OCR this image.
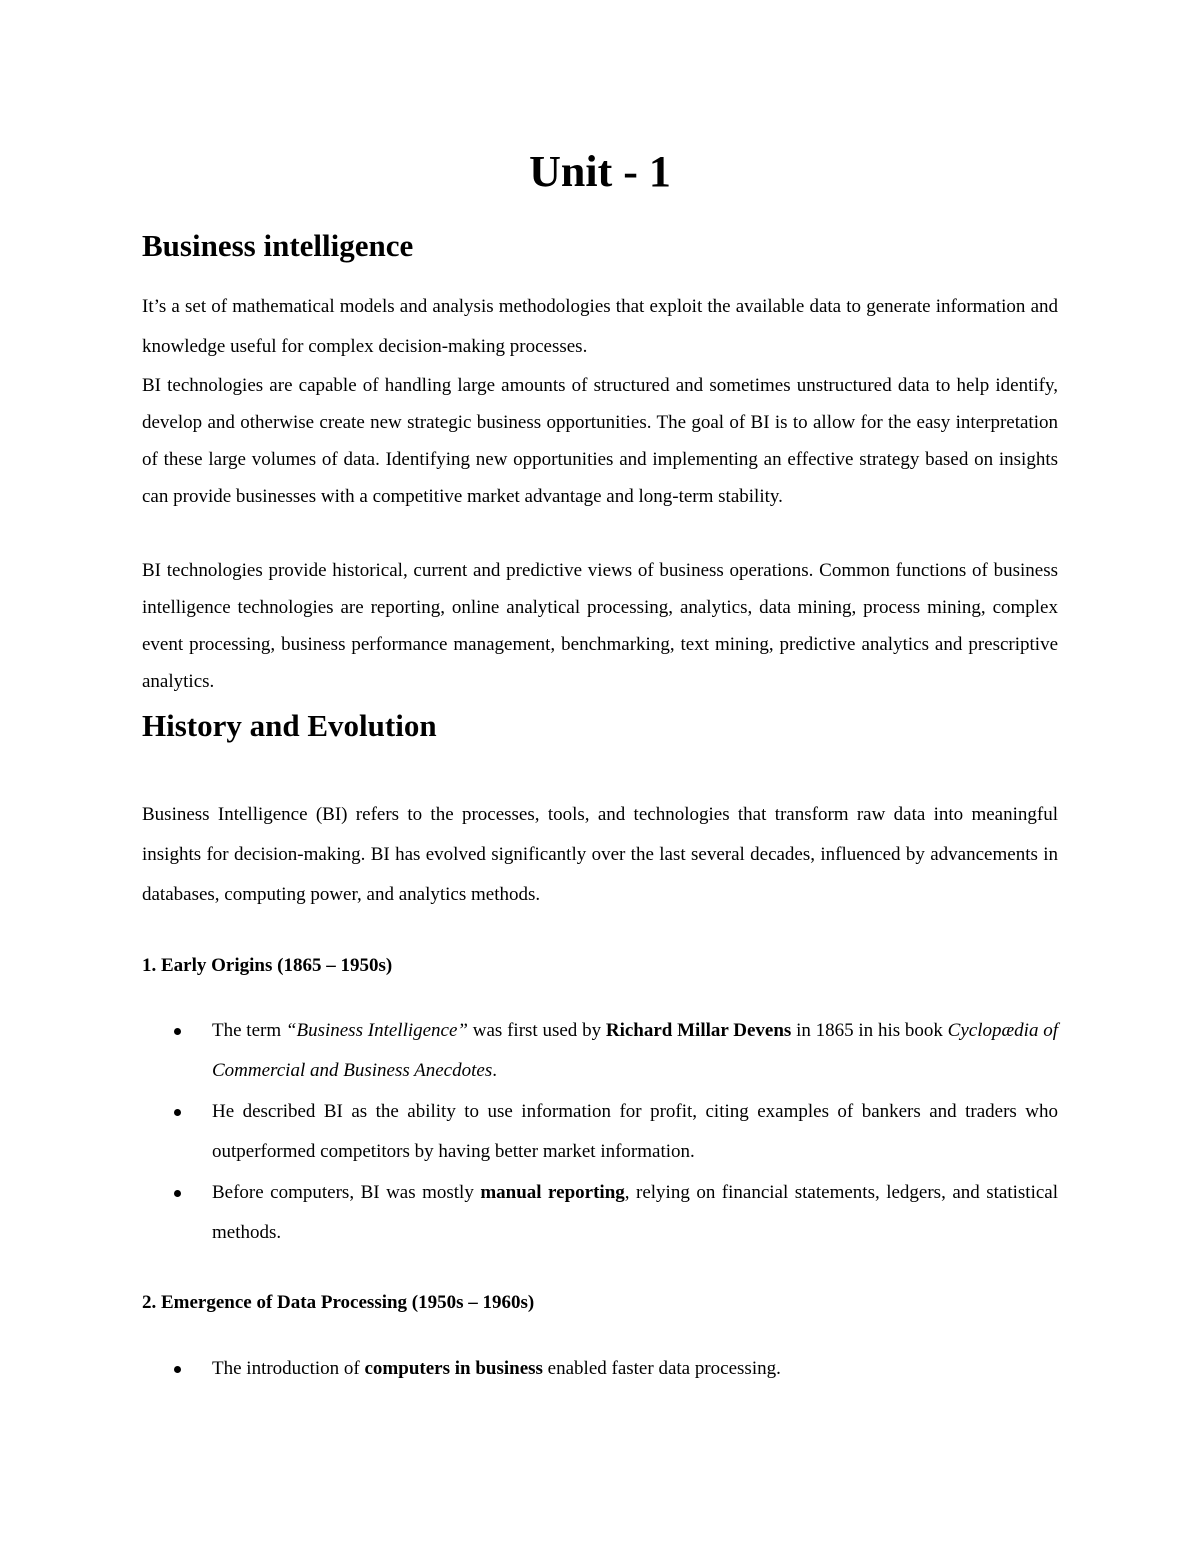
Unit - 1
Business intelligence

It’s a set of mathematical models and analysis methodologies that exploit the available data to generate information and knowledge useful for complex decision-making processes.

BI technologies are capable of handling large amounts of structured and sometimes unstructured data to help identify, develop and otherwise create new strategic business opportunities. The goal of BI is to allow for the easy interpretation of these large volumes of data. Identifying new opportunities and implementing an effective strategy based on insights can provide businesses with a competitive market advantage and long-term stability.

BI technologies provide historical, current and predictive views of business operations. Common functions of business intelligence technologies are reporting, online analytical processing, analytics, data mining, process mining, complex event processing, business performance management, benchmarking, text mining, predictive analytics and prescriptive analytics.

History and Evolution

Business Intelligence (BI) refers to the processes, tools, and technologies that transform raw data into meaningful insights for decision-making. BI has evolved significantly over the last several decades, influenced by advancements in databases, computing power, and analytics methods.

1. Early Origins (1865 – 1950s)
The term “Business Intelligence” was first used by Richard Millar Devens in 1865 in his book Cyclopædia of Commercial and Business Anecdotes.
He described BI as the ability to use information for profit, citing examples of bankers and traders who outperformed competitors by having better market information.
Before computers, BI was mostly manual reporting, relying on financial statements, ledgers, and statistical methods.
2. Emergence of Data Processing (1950s – 1960s)
The introduction of computers in business enabled faster data processing.
